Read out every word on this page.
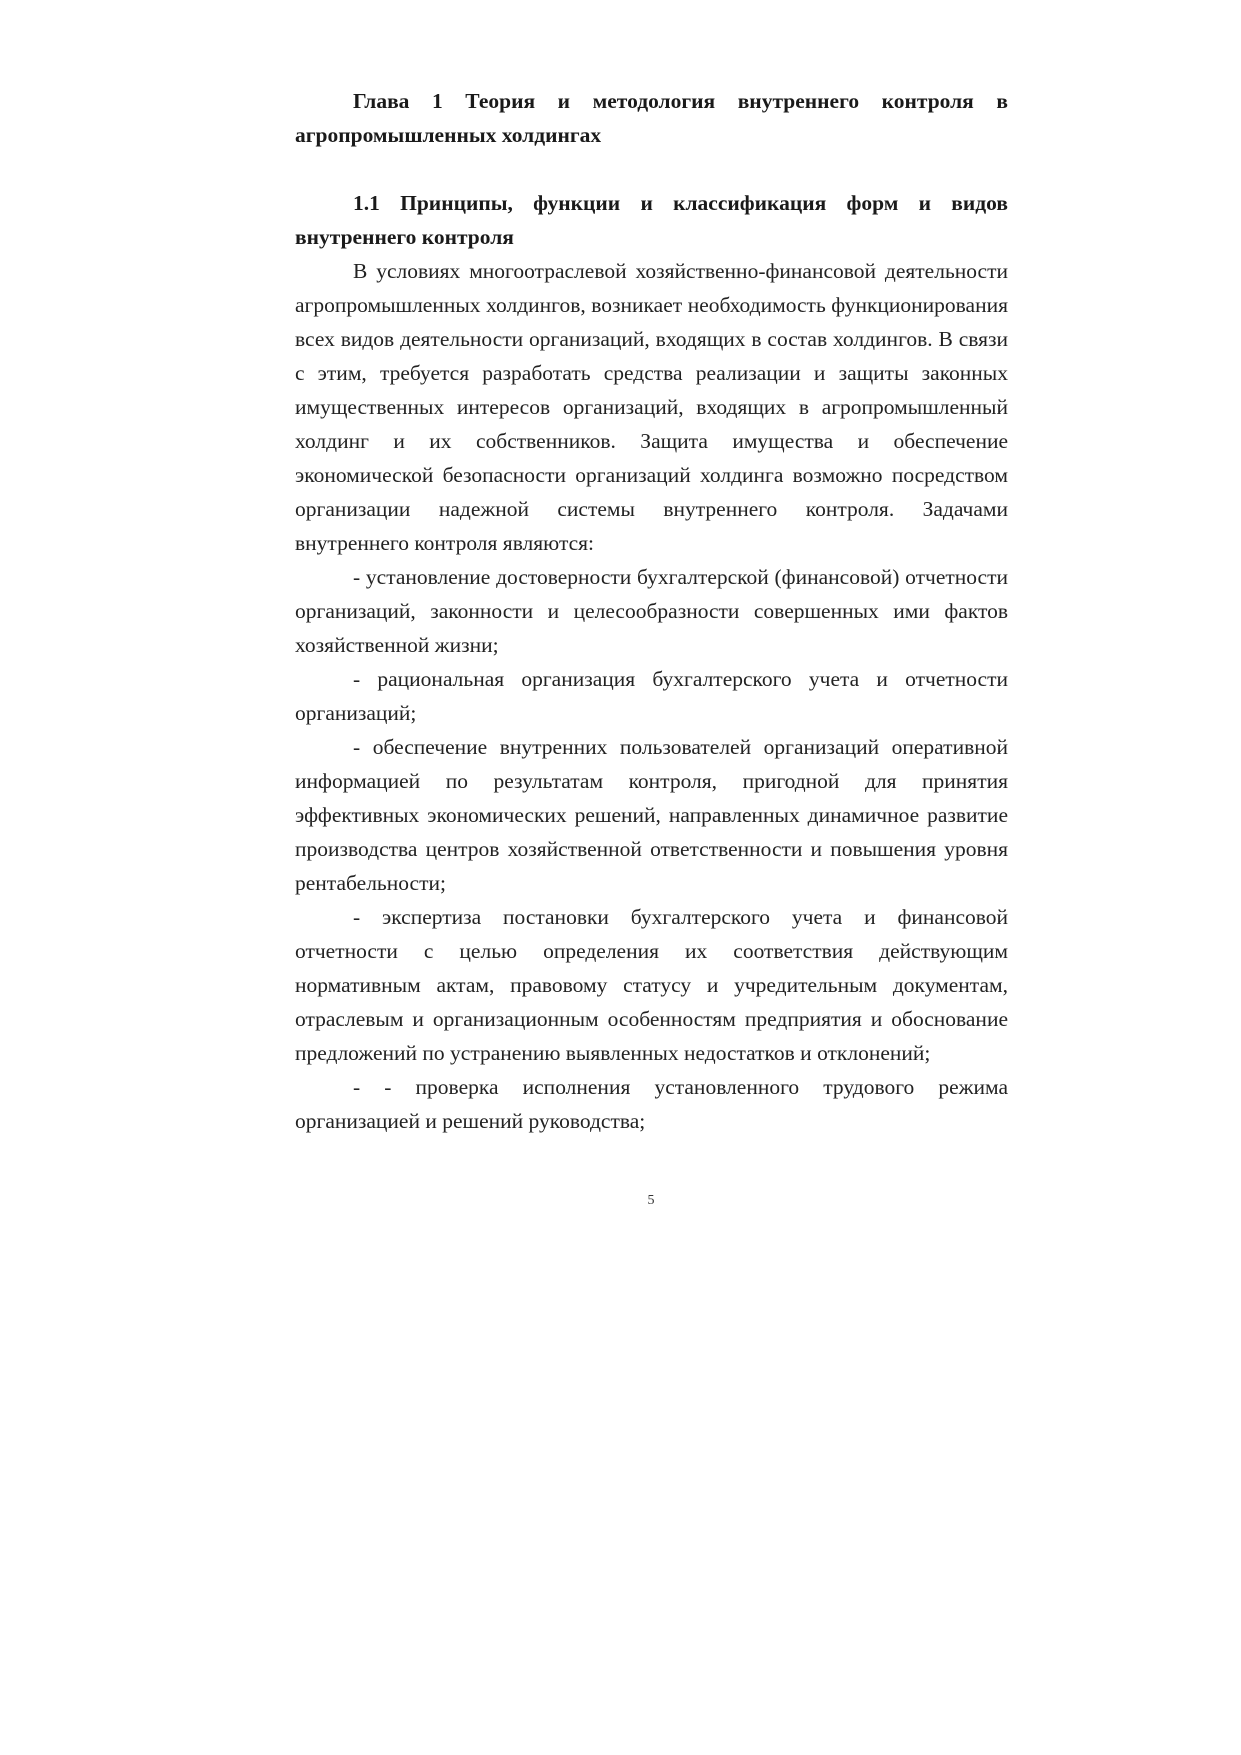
Глава 1 Теория и методология внутреннего контроля в агропромышленных холдингах

1.1 Принципы, функции и классификация форм и видов внутреннего контроля

В условиях многоотраслевой хозяйственно-финансовой деятельности агропромышленных холдингов, возникает необходимость функционирования всех видов деятельности организаций, входящих в состав холдингов. В связи с этим, требуется разработать средства реализации и защиты законных имущественных интересов организаций, входящих в агропромышленный холдинг и их собственников. Защита имущества и обеспечение экономической безопасности организаций холдинга возможно посредством организации надежной системы внутреннего контроля. Задачами внутреннего контроля являются:

- установление достоверности бухгалтерской (финансовой) отчетности организаций, законности и целесообразности совершенных ими фактов хозяйственной жизни;

- рациональная организация бухгалтерского учета и отчетности организаций;

- обеспечение внутренних пользователей организаций оперативной информацией по результатам контроля, пригодной для принятия эффективных экономических решений, направленных динамичное развитие производства центров хозяйственной ответственности и повышения уровня рентабельности;

- экспертиза постановки бухгалтерского учета и финансовой отчетности с целью определения их соответствия действующим нормативным актам, правовому статусу и учредительным документам, отраслевым и организационным особенностям предприятия и обоснование предложений по устранению выявленных недостатков и отклонений;

- - проверка исполнения установленного трудового режима организацией и решений руководства;

5
